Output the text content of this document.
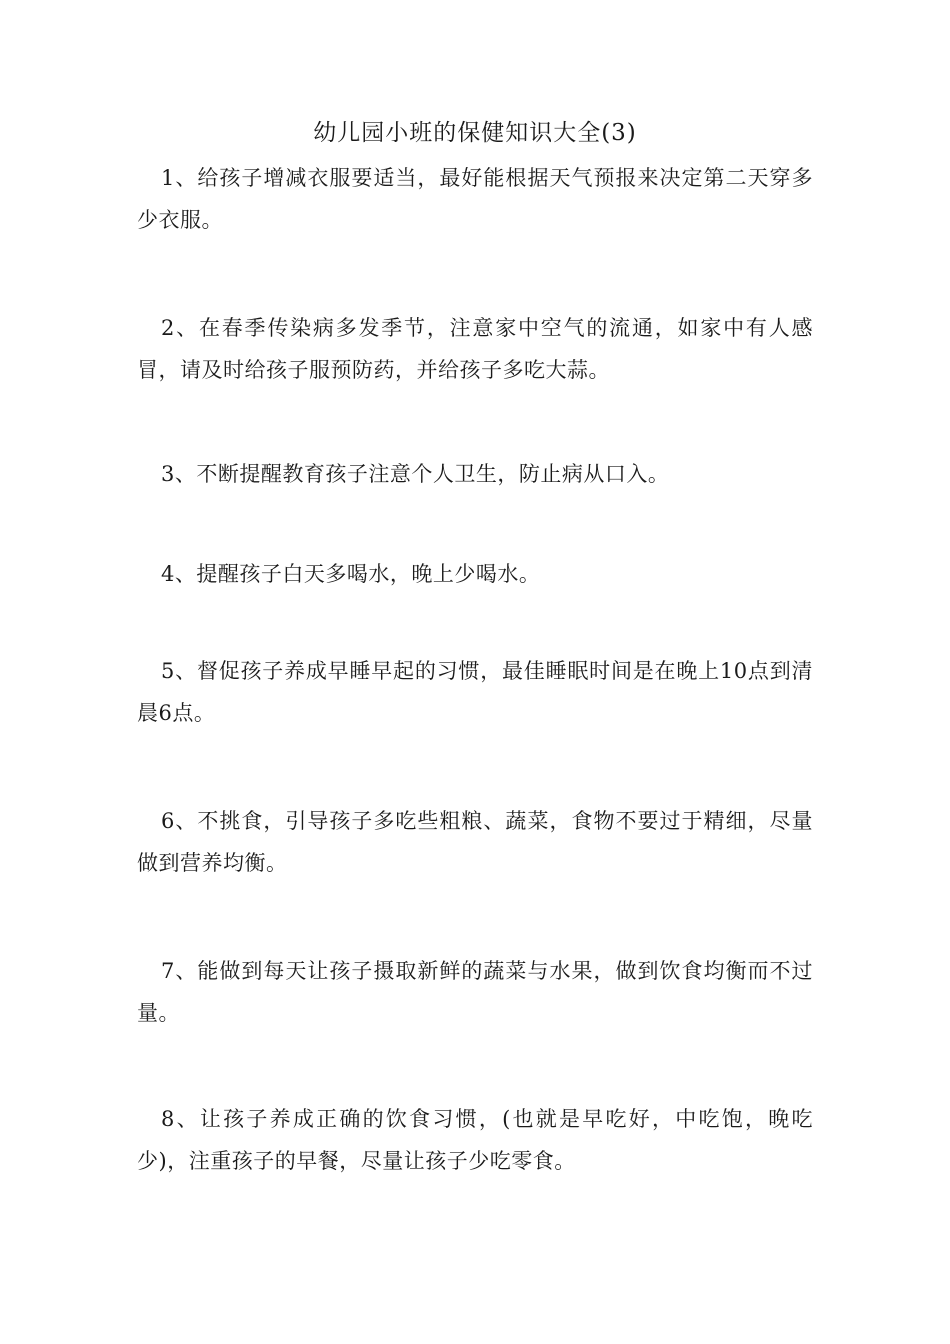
幼儿园小班的保健知识大全(3)

1、给孩子增减衣服要适当，最好能根据天气预报来决定第二天穿多少衣服。

2、在春季传染病多发季节，注意家中空气的流通，如家中有人感冒，请及时给孩子服预防药，并给孩子多吃大蒜。

3、不断提醒教育孩子注意个人卫生，防止病从口入。

4、提醒孩子白天多喝水，晚上少喝水。

5、督促孩子养成早睡早起的习惯，最佳睡眠时间是在晚上10点到清晨6点。

6、不挑食，引导孩子多吃些粗粮、蔬菜，食物不要过于精细，尽量做到营养均衡。

7、能做到每天让孩子摄取新鲜的蔬菜与水果，做到饮食均衡而不过量。

8、让孩子养成正确的饮食习惯，(也就是早吃好，中吃饱，晚吃少)，注重孩子的早餐，尽量让孩子少吃零食。
